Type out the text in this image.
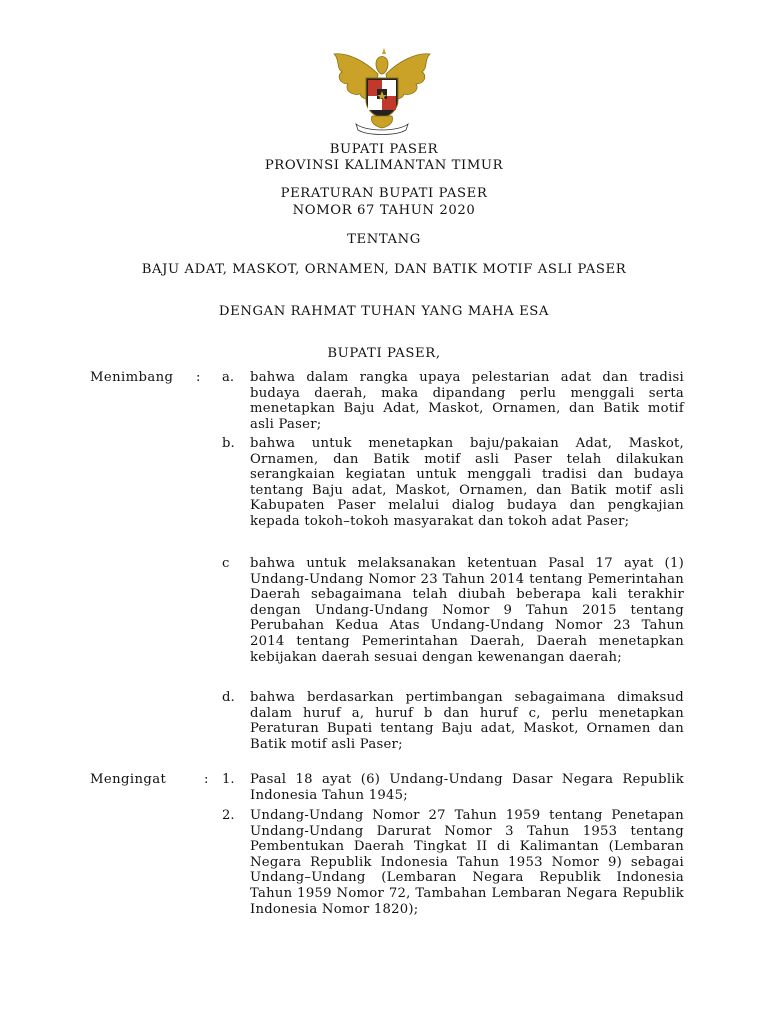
BUPATI PASER
PROVINSI KALIMANTAN TIMUR
PERATURAN BUPATI PASER
NOMOR 67 TAHUN 2020
TENTANG
BAJU ADAT, MASKOT, ORNAMEN, DAN BATIK MOTIF ASLI PASER
DENGAN RAHMAT TUHAN YANG MAHA ESA
BUPATI PASER,
Menimbang : a. bahwa dalam rangka upaya pelestarian adat dan tradisi budaya daerah, maka dipandang perlu menggali serta menetapkan Baju Adat, Maskot, Ornamen, dan Batik motif asli Paser;
b. bahwa untuk menetapkan baju/pakaian Adat, Maskot, Ornamen, dan Batik motif asli Paser telah dilakukan serangkaian kegiatan untuk menggali tradisi dan budaya tentang Baju adat, Maskot, Ornamen, dan Batik motif asli Kabupaten Paser melalui dialog budaya dan pengkajian kepada tokoh–tokoh masyarakat dan tokoh adat Paser;
c bahwa untuk melaksanakan ketentuan Pasal 17 ayat (1) Undang-Undang Nomor 23 Tahun 2014 tentang Pemerintahan Daerah sebagaimana telah diubah beberapa kali terakhir dengan Undang-Undang Nomor 9 Tahun 2015 tentang Perubahan Kedua Atas Undang-Undang Nomor 23 Tahun 2014 tentang Pemerintahan Daerah, Daerah menetapkan kebijakan daerah sesuai dengan kewenangan daerah;
d. bahwa berdasarkan pertimbangan sebagaimana dimaksud dalam huruf a, huruf b dan huruf c, perlu menetapkan Peraturan Bupati tentang Baju adat, Maskot, Ornamen dan Batik motif asli Paser;
Mengingat	: 1. Pasal 18 ayat (6) Undang-Undang Dasar Negara Republik Indonesia Tahun 1945;
2. Undang-Undang Nomor 27 Tahun 1959 tentang Penetapan Undang-Undang Darurat Nomor 3 Tahun 1953 tentang Pembentukan Daerah Tingkat II di Kalimantan (Lembaran Negara Republik Indonesia Tahun 1953 Nomor 9) sebagai Undang–Undang (Lembaran Negara Republik Indonesia Tahun 1959 Nomor 72, Tambahan Lembaran Negara Republik Indonesia Nomor 1820);
